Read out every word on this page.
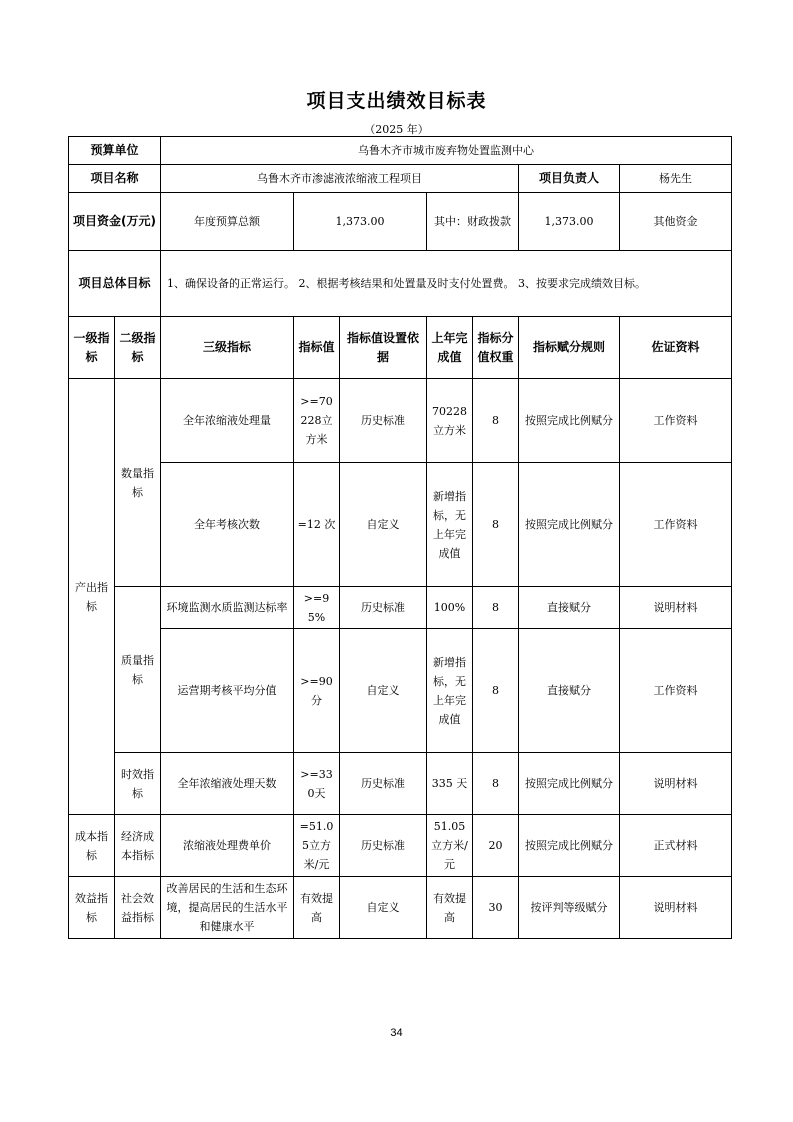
项目支出绩效目标表
（2025 年）
预算单位		乌鲁木齐市城市废弃物处置监测中心							
项目名称		乌鲁木齐市渗滤液浓缩液工程项目					项目负责人	杨先生	
项目资金(万元)		年度预算总额	1,373.00		其中：财政拨款		1,373.00	其他资金	
项目总体目标		1、确保设备的正常运行。 2、根据考核结果和处置量及时支付处置费。 3、按要求完成绩效目标。							
一级指标	二级指标	三级指标	指标值	指标值设置依据	上年完成值	指标分值权重	指标赋分规则	佐证资料	
产出指标	数量指标	全年浓缩液处理量	>=70228立方米	历史标准	70228立方米	8	按照完成比例赋分	工作资料	
		全年考核次数	=12 次	自定义	新增指标，无上年完成值	8	按照完成比例赋分	工作资料	
	质量指标	环境监测水质监测达标率	>=95%	历史标准	100%	8	直接赋分	说明材料	
		运营期考核平均分值	>=90分	自定义	新增指标，无上年完成值	8	直接赋分	工作资料	
	时效指标	全年浓缩液处理天数	>=330天	历史标准	335 天	8	按照完成比例赋分	说明材料	
成本指标	经济成本指标	浓缩液处理费单价	=51.05立方米/元	历史标准	51.05立方米/元	20	按照完成比例赋分	正式材料	
效益指标	社会效益指标	改善居民的生活和生态环境，提高居民的生活水平和健康水平	有效提高	自定义	有效提高	30	按评判等级赋分	说明材料	
34
